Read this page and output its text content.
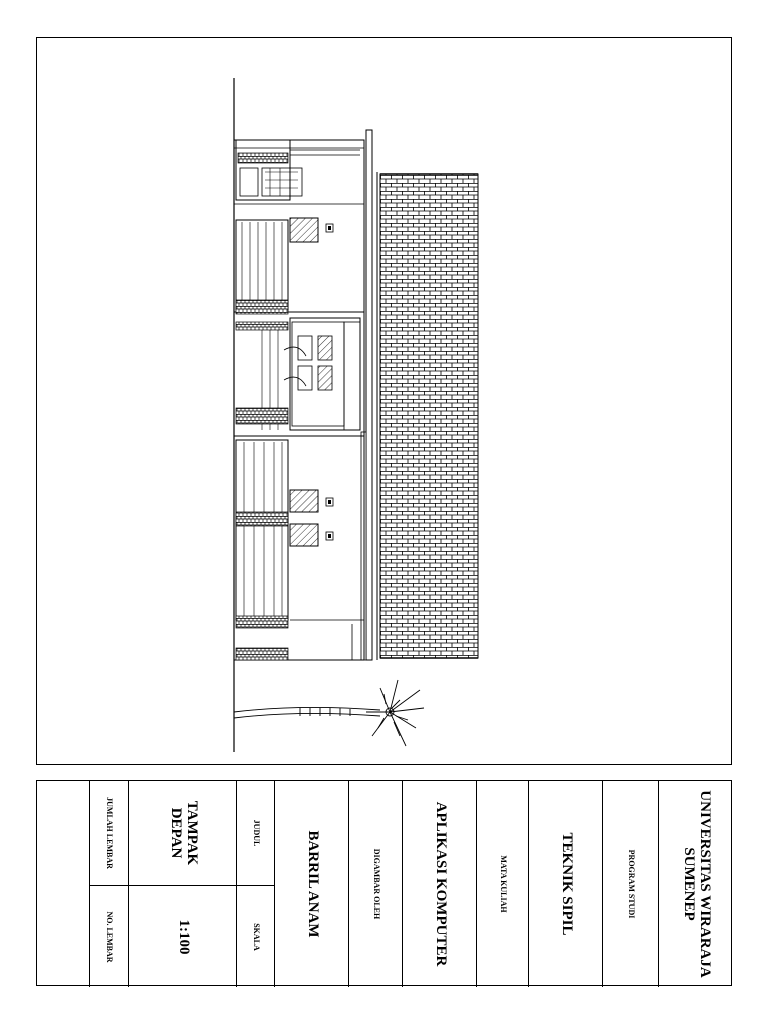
UNIVERSITAS WIRARAJA
SUMENEP
PROGRAM STUDI
TEKNIK SIPIL
MATA KULIAH
APLIKASI KOMPUTER
DIGAMBAR OLEH
BARRIL ANAM
JUDUL
SKALA
TAMPAK
DEPAN
1:100
JUMLAH LEMBAR
NO. LEMBAR
